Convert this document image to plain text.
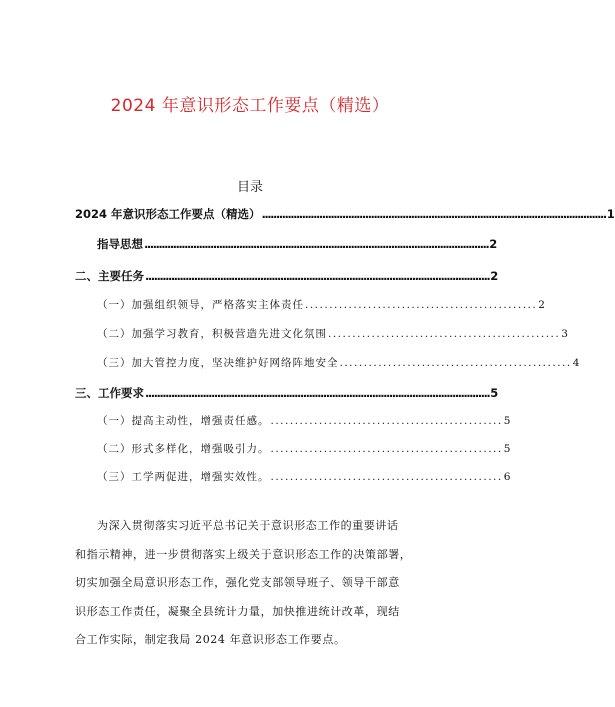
2024 年意识形态工作要点（精选）
目录
2024 年意识形态工作要点（精选） ........................................................................................................................ 1
指导思想 ........................................................................................................................ 2
二、主要任务 ........................................................................................................................ 2
（一）加强组织领导，严格落实主体责任 ................................................ 2
（二）加强学习教育，积极营造先进文化氛围 ................................................ 3
（三）加大管控力度，坚决维护好网络阵地安全 ................................................ 4
三、工作要求 ........................................................................................................................ 5
（一）提高主动性，增强责任感。 ................................................ 5
（二）形式多样化，增强吸引力。 ................................................ 5
（三）工学两促进，增强实效性。 ................................................ 6
为深入贯彻落实习近平总书记关于意识形态工作的重要讲话
和指示精神，进一步贯彻落实上级关于意识形态工作的决策部署，
切实加强全局意识形态工作，强化党支部领导班子、领导干部意
识形态工作责任，凝聚全县统计力量，加快推进统计改革，现结
合工作实际，制定我局 2024 年意识形态工作要点。
